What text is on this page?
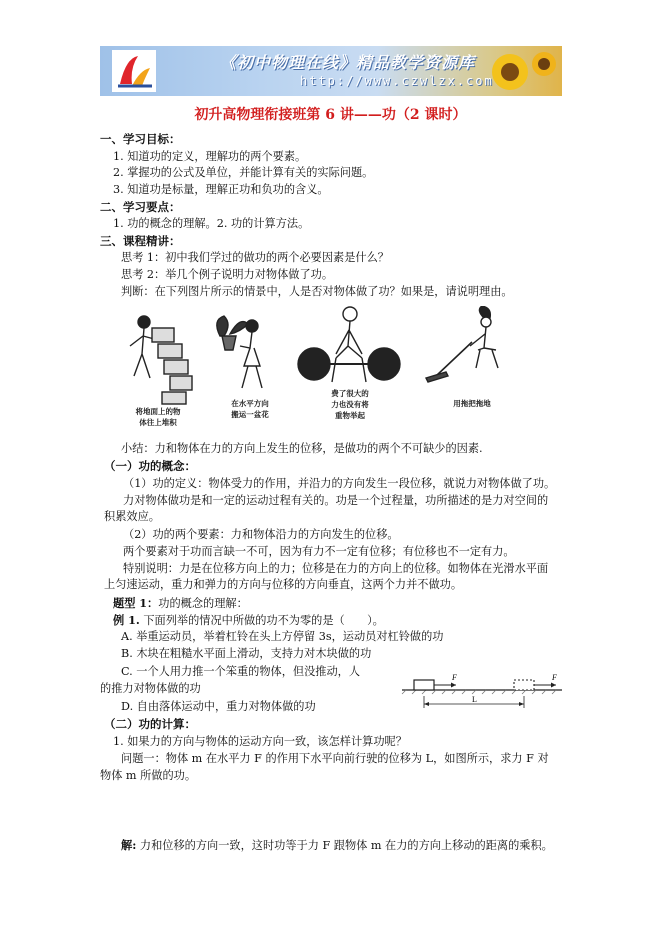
《初中物理在线》精品教学资源库
http://www.czwlzx.com
初升高物理衔接班第 6 讲——功（2 课时）
一、学习目标：
1. 知道功的定义，理解功的两个要素。
2. 掌握功的公式及单位，并能计算有关的实际问题。
3. 知道功是标量，理解正功和负功的含义。
二、学习要点：
1. 功的概念的理解。2. 功的计算方法。
三、课程精讲：
思考 1：初中我们学过的做功的两个必要因素是什么？
思考 2：举几个例子说明力对物体做了功。
判断：在下列图片所示的情景中，人是否对物体做了功？如果是，请说明理由。
将地面上的物
体往上堆积
在水平方向
搬运一盆花
费了很大的
力也没有将
重物举起
用拖把拖地
小结：力和物体在力的方向上发生的位移，是做功的两个不可缺少的因素.
（一）功的概念：
（1）功的定义：物体受力的作用，并沿力的方向发生一段位移，就说力对物体做了功。
力对物体做功是和一定的运动过程有关的。功是一个过程量，功所描述的是力对空间的
积累效应。
（2）功的两个要素：力和物体沿力的方向发生的位移。
两个要素对于功而言缺一不可，因为有力不一定有位移；有位移也不一定有力。
特别说明：力是在位移方向上的力；位移是在力的方向上的位移。如物体在光滑水平面
上匀速运动，重力和弹力的方向与位移的方向垂直，这两个力并不做功。
题型 1：功的概念的理解：
例 1. 下面列举的情况中所做的功不为零的是（　　）。
A. 举重运动员，举着杠铃在头上方停留 3s，运动员对杠铃做的功
B. 木块在粗糙水平面上滑动，支持力对木块做的功
C. 一个人用力推一个笨重的物体，但没推动，人
的推力对物体做的功
D. 自由落体运动中，重力对物体做的功
F	F
L
（二）功的计算：
1. 如果力的方向与物体的运动方向一致，该怎样计算功呢？
问题一：物体 m 在水平力 F 的作用下水平向前行驶的位移为 L，如图所示，求力 F 对
物体 m 所做的功。
解: 力和位移的方向一致，这时功等于力 F 跟物体 m 在力的方向上移动的距离的乘积。
